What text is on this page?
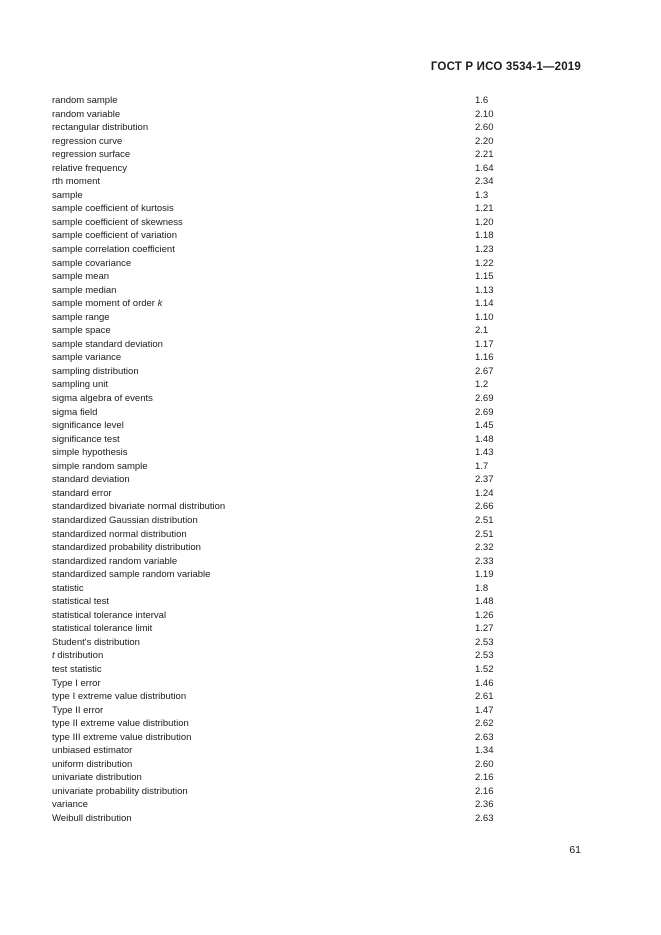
ГОСТ Р ИСО 3534-1—2019
random sample	1.6
random variable	2.10
rectangular distribution	2.60
regression curve	2.20
regression surface	2.21
relative frequency	1.64
rth moment	2.34
sample	1.3
sample coefficient of kurtosis	1.21
sample coefficient of skewness	1.20
sample coefficient of variation	1.18
sample correlation coefficient	1.23
sample covariance	1.22
sample mean	1.15
sample median	1.13
sample moment of order k	1.14
sample range	1.10
sample space	2.1
sample standard deviation	1.17
sample variance	1.16
sampling distribution	2.67
sampling unit	1.2
sigma algebra of events	2.69
sigma field	2.69
significance level	1.45
significance test	1.48
simple hypothesis	1.43
simple random sample	1.7
standard deviation	2.37
standard error	1.24
standardized bivariate normal distribution	2.66
standardized Gaussian distribution	2.51
standardized normal distribution	2.51
standardized probability distribution	2.32
standardized random variable	2.33
standardized sample random variable	1.19
statistic	1.8
statistical test	1.48
statistical tolerance interval	1.26
statistical tolerance limit	1.27
Student's distribution	2.53
t distribution	2.53
test statistic	1.52
Type I error	1.46
type I extreme value distribution	2.61
Type II error	1.47
type II extreme value distribution	2.62
type III extreme value distribution	2.63
unbiased estimator	1.34
uniform distribution	2.60
univariate distribution	2.16
univariate probability distribution	2.16
variance	2.36
Weibull distribution	2.63
61
